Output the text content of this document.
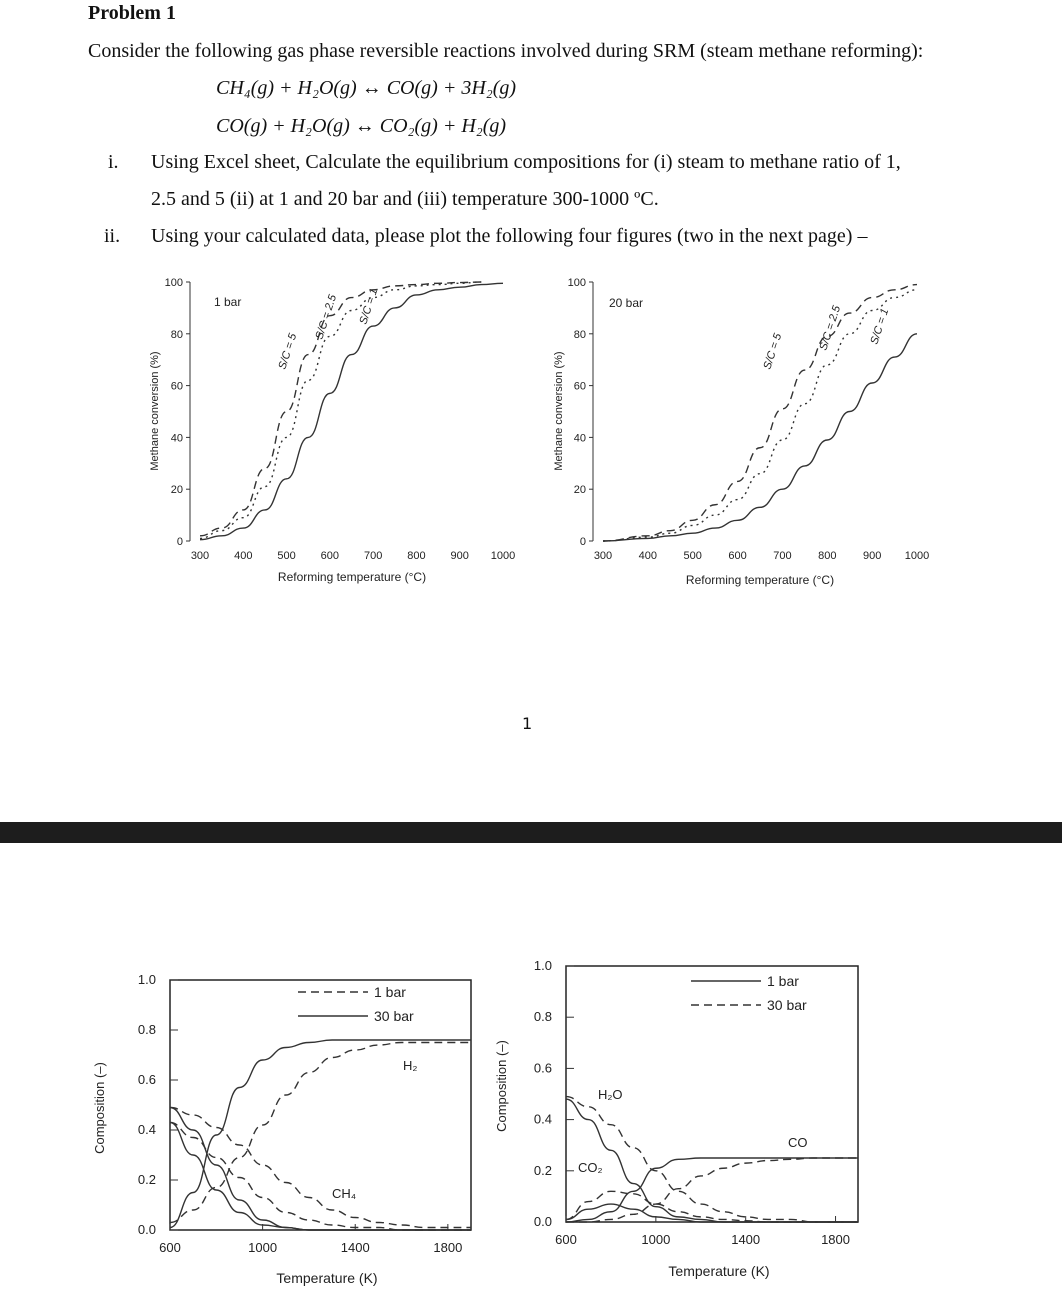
Problem 1
Consider the following gas phase reversible reactions involved during SRM (steam methane reforming):
CH₄(g) + H₂O(g) ↔ CO(g) + 3H₂(g)
CO(g) + H₂O(g) ↔ CO₂(g) + H₂(g)
i. Using Excel sheet, Calculate the equilibrium compositions for (i) steam to methane ratio of 1,
2.5 and 5 (ii) at 1 and 20 bar and (iii) temperature 300-1000 ºC.
ii. Using your calculated data, please plot the following four figures (two in the next page) –
0
20
40
60
80
100
300 400 500 600 700 800 900 1000
Reforming temperature (°C)
Methane conversion (%)
1 bar
S/C = 5
S/C = 2.5 S/C = 1
0
20
40
60
80
100
300 400 500 600 700 800 900 1000
Reforming temperature (°C)
Methane conversion (%)
20 bar
S/C = 5	S/C = 2.5 S/C = 1
0.0
0.2
0.4
0.6
0.8
1.0
600	1000	1400	1800
Temperature (K)
Composition (–)
1 bar
30 bar
H₂
CH₄
0.0
0.2
0.4
0.6
0.8
1.0
600	1000	1400	1800
Temperature (K)
Composition (–)
1 bar
30 bar
H₂O
CO
CO₂
1
